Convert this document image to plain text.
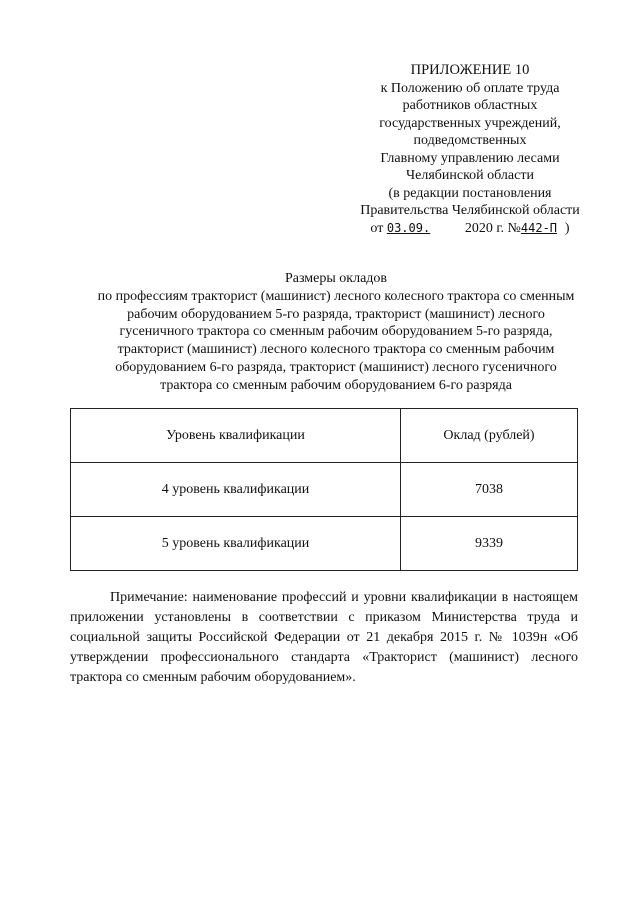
ПРИЛОЖЕНИЕ 10
к Положению об оплате труда
работников областных
государственных учреждений,
подведомственных
Главному управлению лесами
Челябинской области
(в редакции постановления
Правительства Челябинской области
от 03.09. 2020 г. №442-П )
Размеры окладов
по профессиям тракторист (машинист) лесного колесного трактора со сменным
рабочим оборудованием 5-го разряда, тракторист (машинист) лесного
гусеничного трактора со сменным рабочим оборудованием 5-го разряда,
тракторист (машинист) лесного колесного трактора со сменным рабочим
оборудованием 6-го разряда, тракторист (машинист) лесного гусеничного
трактора со сменным рабочим оборудованием 6-го разряда
Уровень квалификации	Оклад (рублей)
4 уровень квалификации	7038
5 уровень квалификации	9339

Примечание: наименование профессий и уровни квалификации в настоящем приложении установлены в соответствии с приказом Министерства труда и социальной защиты Российской Федерации от 21 декабря 2015 г. № 1039н «Об утверждении профессионального стандарта «Тракторист (машинист) лесного трактора со сменным рабочим оборудованием».
